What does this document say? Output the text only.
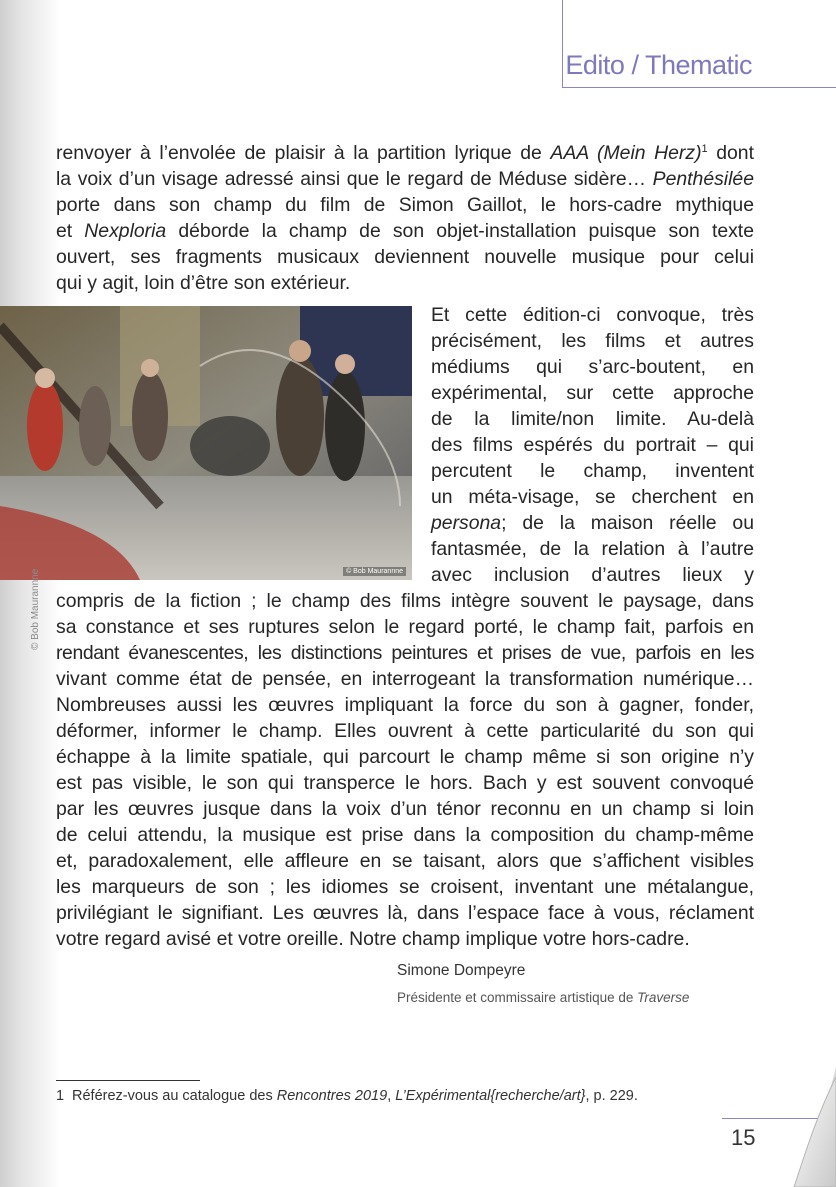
Edito / Thematic

renvoyer à l’envolée de plaisir à la partition lyrique de AAA (Mein Herz)$^1$ dont
la voix d’un visage adressé ainsi que le regard de Méduse sidère… Penthésilée
porte dans son champ du film de Simon Gaillot, le hors-cadre mythique
et Nexploria déborde la champ de son objet-installation puisque son texte
ouvert, ses fragments musicaux deviennent nouvelle musique pour celui
qui y agit, loin d’être son extérieur.

© Bob Maurannne
© Bob Maurannne

Et cette édition-ci convoque, très
précisément, les films et autres
médiums qui s’arc-boutent, en
expérimental, sur cette approche
de la limite/non limite. Au-delà
des films espérés du portrait – qui
percutent le champ, inventent
un méta-visage, se cherchent en
persona; de la maison réelle ou
fantasmée, de la relation à l’autre
avec inclusion d’autres lieux y

compris de la fiction ; le champ des films intègre souvent le paysage, dans
sa constance et ses ruptures selon le regard porté, le champ fait, parfois en
rendant évanescentes, les distinctions peintures et prises de vue, parfois en les
vivant comme état de pensée, en interrogeant la transformation numérique…
Nombreuses aussi les œuvres impliquant la force du son à gagner, fonder,
déformer, informer le champ. Elles ouvrent à cette particularité du son qui
échappe à la limite spatiale, qui parcourt le champ même si son origine n’y
est pas visible, le son qui transperce le hors. Bach y est souvent convoqué
par les œuvres jusque dans la voix d’un ténor reconnu en un champ si loin
de celui attendu, la musique est prise dans la composition du champ-même
et, paradoxalement, elle affleure en se taisant, alors que s’affichent visibles
les marqueurs de son ; les idiomes se croisent, inventant une métalangue,
privilégiant le signifiant. Les œuvres là, dans l’espace face à vous, réclament
votre regard avisé et votre oreille. Notre champ implique votre hors-cadre.

Simone Dompeyre

Présidente et commissaire artistique de Traverse

1 Référez-vous au catalogue des Rencontres 2019, L’Expérimental{recherche/art}, p. 229.

15
